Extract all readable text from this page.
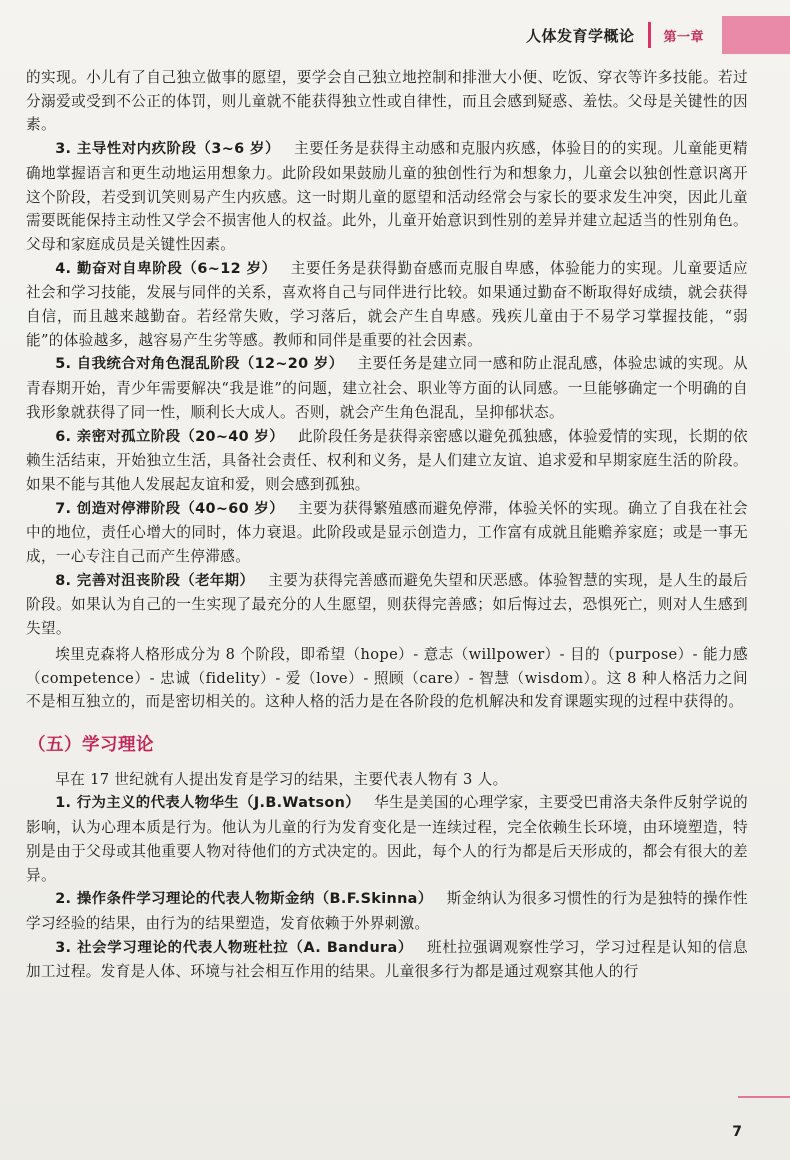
人体发育学概论	第一章

的实现。小儿有了自己独立做事的愿望，要学会自己独立地控制和排泄大小便、吃饭、穿衣等许多技能。若过分溺爱或受到不公正的体罚，则儿童就不能获得独立性或自律性，而且会感到疑惑、羞怯。父母是关键性的因素。

3. 主导性对内疚阶段（3~6 岁） 主要任务是获得主动感和克服内疚感，体验目的的实现。儿童能更精确地掌握语言和更生动地运用想象力。此阶段如果鼓励儿童的独创性行为和想象力，儿童会以独创性意识离开这个阶段，若受到讥笑则易产生内疚感。这一时期儿童的愿望和活动经常会与家长的要求发生冲突，因此儿童需要既能保持主动性又学会不损害他人的权益。此外，儿童开始意识到性别的差异并建立起适当的性别角色。父母和家庭成员是关键性因素。

4. 勤奋对自卑阶段（6~12 岁） 主要任务是获得勤奋感而克服自卑感，体验能力的实现。儿童要适应社会和学习技能，发展与同伴的关系，喜欢将自己与同伴进行比较。如果通过勤奋不断取得好成绩，就会获得自信，而且越来越勤奋。若经常失败，学习落后，就会产生自卑感。残疾儿童由于不易学习掌握技能，“弱能”的体验越多，越容易产生劣等感。教师和同伴是重要的社会因素。

5. 自我统合对角色混乱阶段（12~20 岁） 主要任务是建立同一感和防止混乱感，体验忠诚的实现。从青春期开始，青少年需要解决“我是谁”的问题，建立社会、职业等方面的认同感。一旦能够确定一个明确的自我形象就获得了同一性，顺利长大成人。否则，就会产生角色混乱，呈抑郁状态。

6. 亲密对孤立阶段（20~40 岁） 此阶段任务是获得亲密感以避免孤独感，体验爱情的实现，长期的依赖生活结束，开始独立生活，具备社会责任、权利和义务，是人们建立友谊、追求爱和早期家庭生活的阶段。如果不能与其他人发展起友谊和爱，则会感到孤独。

7. 创造对停滞阶段（40~60 岁） 主要为获得繁殖感而避免停滞，体验关怀的实现。确立了自我在社会中的地位，责任心增大的同时，体力衰退。此阶段或是显示创造力，工作富有成就且能赡养家庭；或是一事无成，一心专注自己而产生停滞感。

8. 完善对沮丧阶段（老年期） 主要为获得完善感而避免失望和厌恶感。体验智慧的实现，是人生的最后阶段。如果认为自己的一生实现了最充分的人生愿望，则获得完善感；如后悔过去，恐惧死亡，则对人生感到失望。

埃里克森将人格形成分为 8 个阶段，即希望（hope）- 意志（willpower）- 目的（purpose）- 能力感（competence）- 忠诚（fidelity）- 爱（love）- 照顾（care）- 智慧（wisdom）。这 8 种人格活力之间不是相互独立的，而是密切相关的。这种人格的活力是在各阶段的危机解决和发育课题实现的过程中获得的。

（五）学习理论

早在 17 世纪就有人提出发育是学习的结果，主要代表人物有 3 人。

1. 行为主义的代表人物华生（J.B.Watson） 华生是美国的心理学家，主要受巴甫洛夫条件反射学说的影响，认为心理本质是行为。他认为儿童的行为发育变化是一连续过程，完全依赖生长环境，由环境塑造，特别是由于父母或其他重要人物对待他们的方式决定的。因此，每个人的行为都是后天形成的，都会有很大的差异。

2. 操作条件学习理论的代表人物斯金纳（B.F.Skinna） 斯金纳认为很多习惯性的行为是独特的操作性学习经验的结果，由行为的结果塑造，发育依赖于外界刺激。

3. 社会学习理论的代表人物班杜拉（A. Bandura） 班杜拉强调观察性学习，学习过程是认知的信息加工过程。发育是人体、环境与社会相互作用的结果。儿童很多行为都是通过观察其他人的行

7
